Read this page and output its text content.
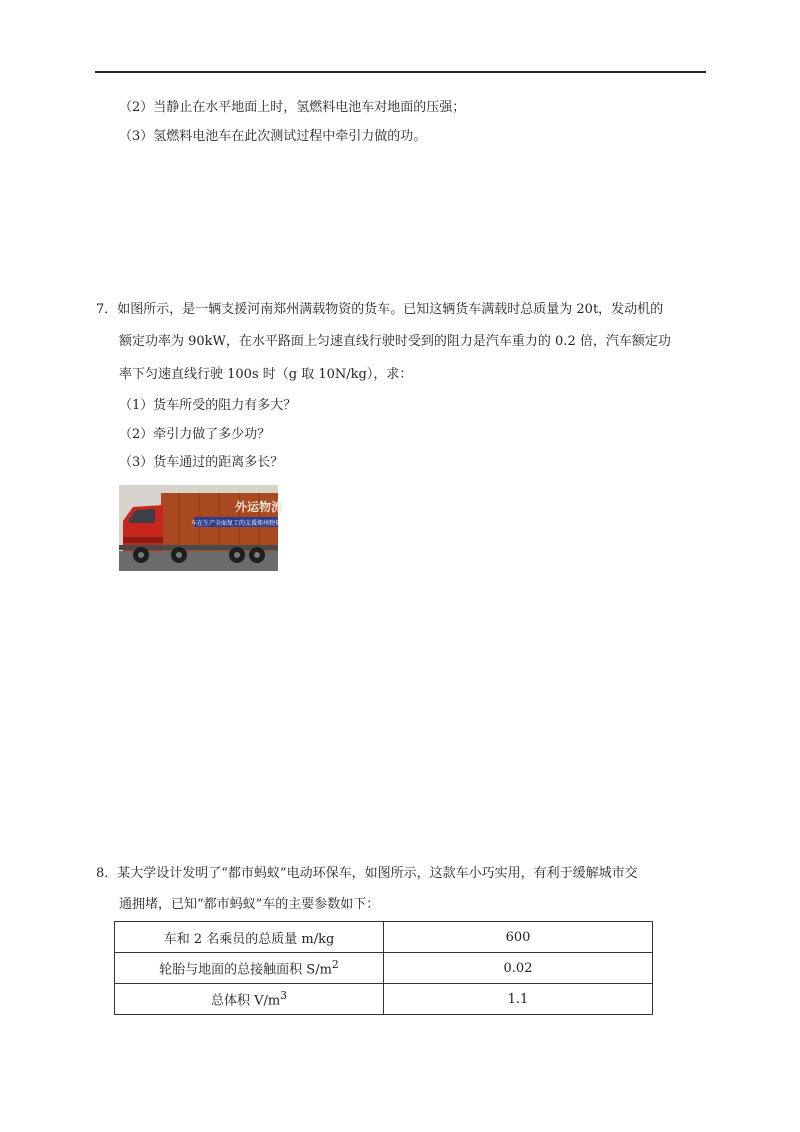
（2）当静止在水平地面上时，氢燃料电池车对地面的压强；
（3）氢燃料电池车在此次测试过程中牵引力做的功。
7．如图所示，是一辆支援河南郑州满载物资的货车。已知这辆货车满载时总质量为 20t，发动机的
额定功率为 90kW，在水平路面上匀速直线行驶时受到的阻力是汽车重力的 0.2 倍，汽车额定功
率下匀速直线行驶 100s 时（g 取 10N/kg），求：
（1）货车所受的阻力有多大？
（2）牵引力做了多少功？
（3）货车通过的距离多长？
外运物流
车在生产全面复工的支援郑州物资
8．某大学设计发明了“都市蚂蚁”电动环保车，如图所示，这款车小巧实用，有利于缓解城市交
通拥堵，已知“都市蚂蚁”车的主要参数如下：
车和 2 名乘员的总质量 m/kg	600
轮胎与地面的总接触面积 $S/m^2$	0.02
总体积 $V/m^3$	1.1
